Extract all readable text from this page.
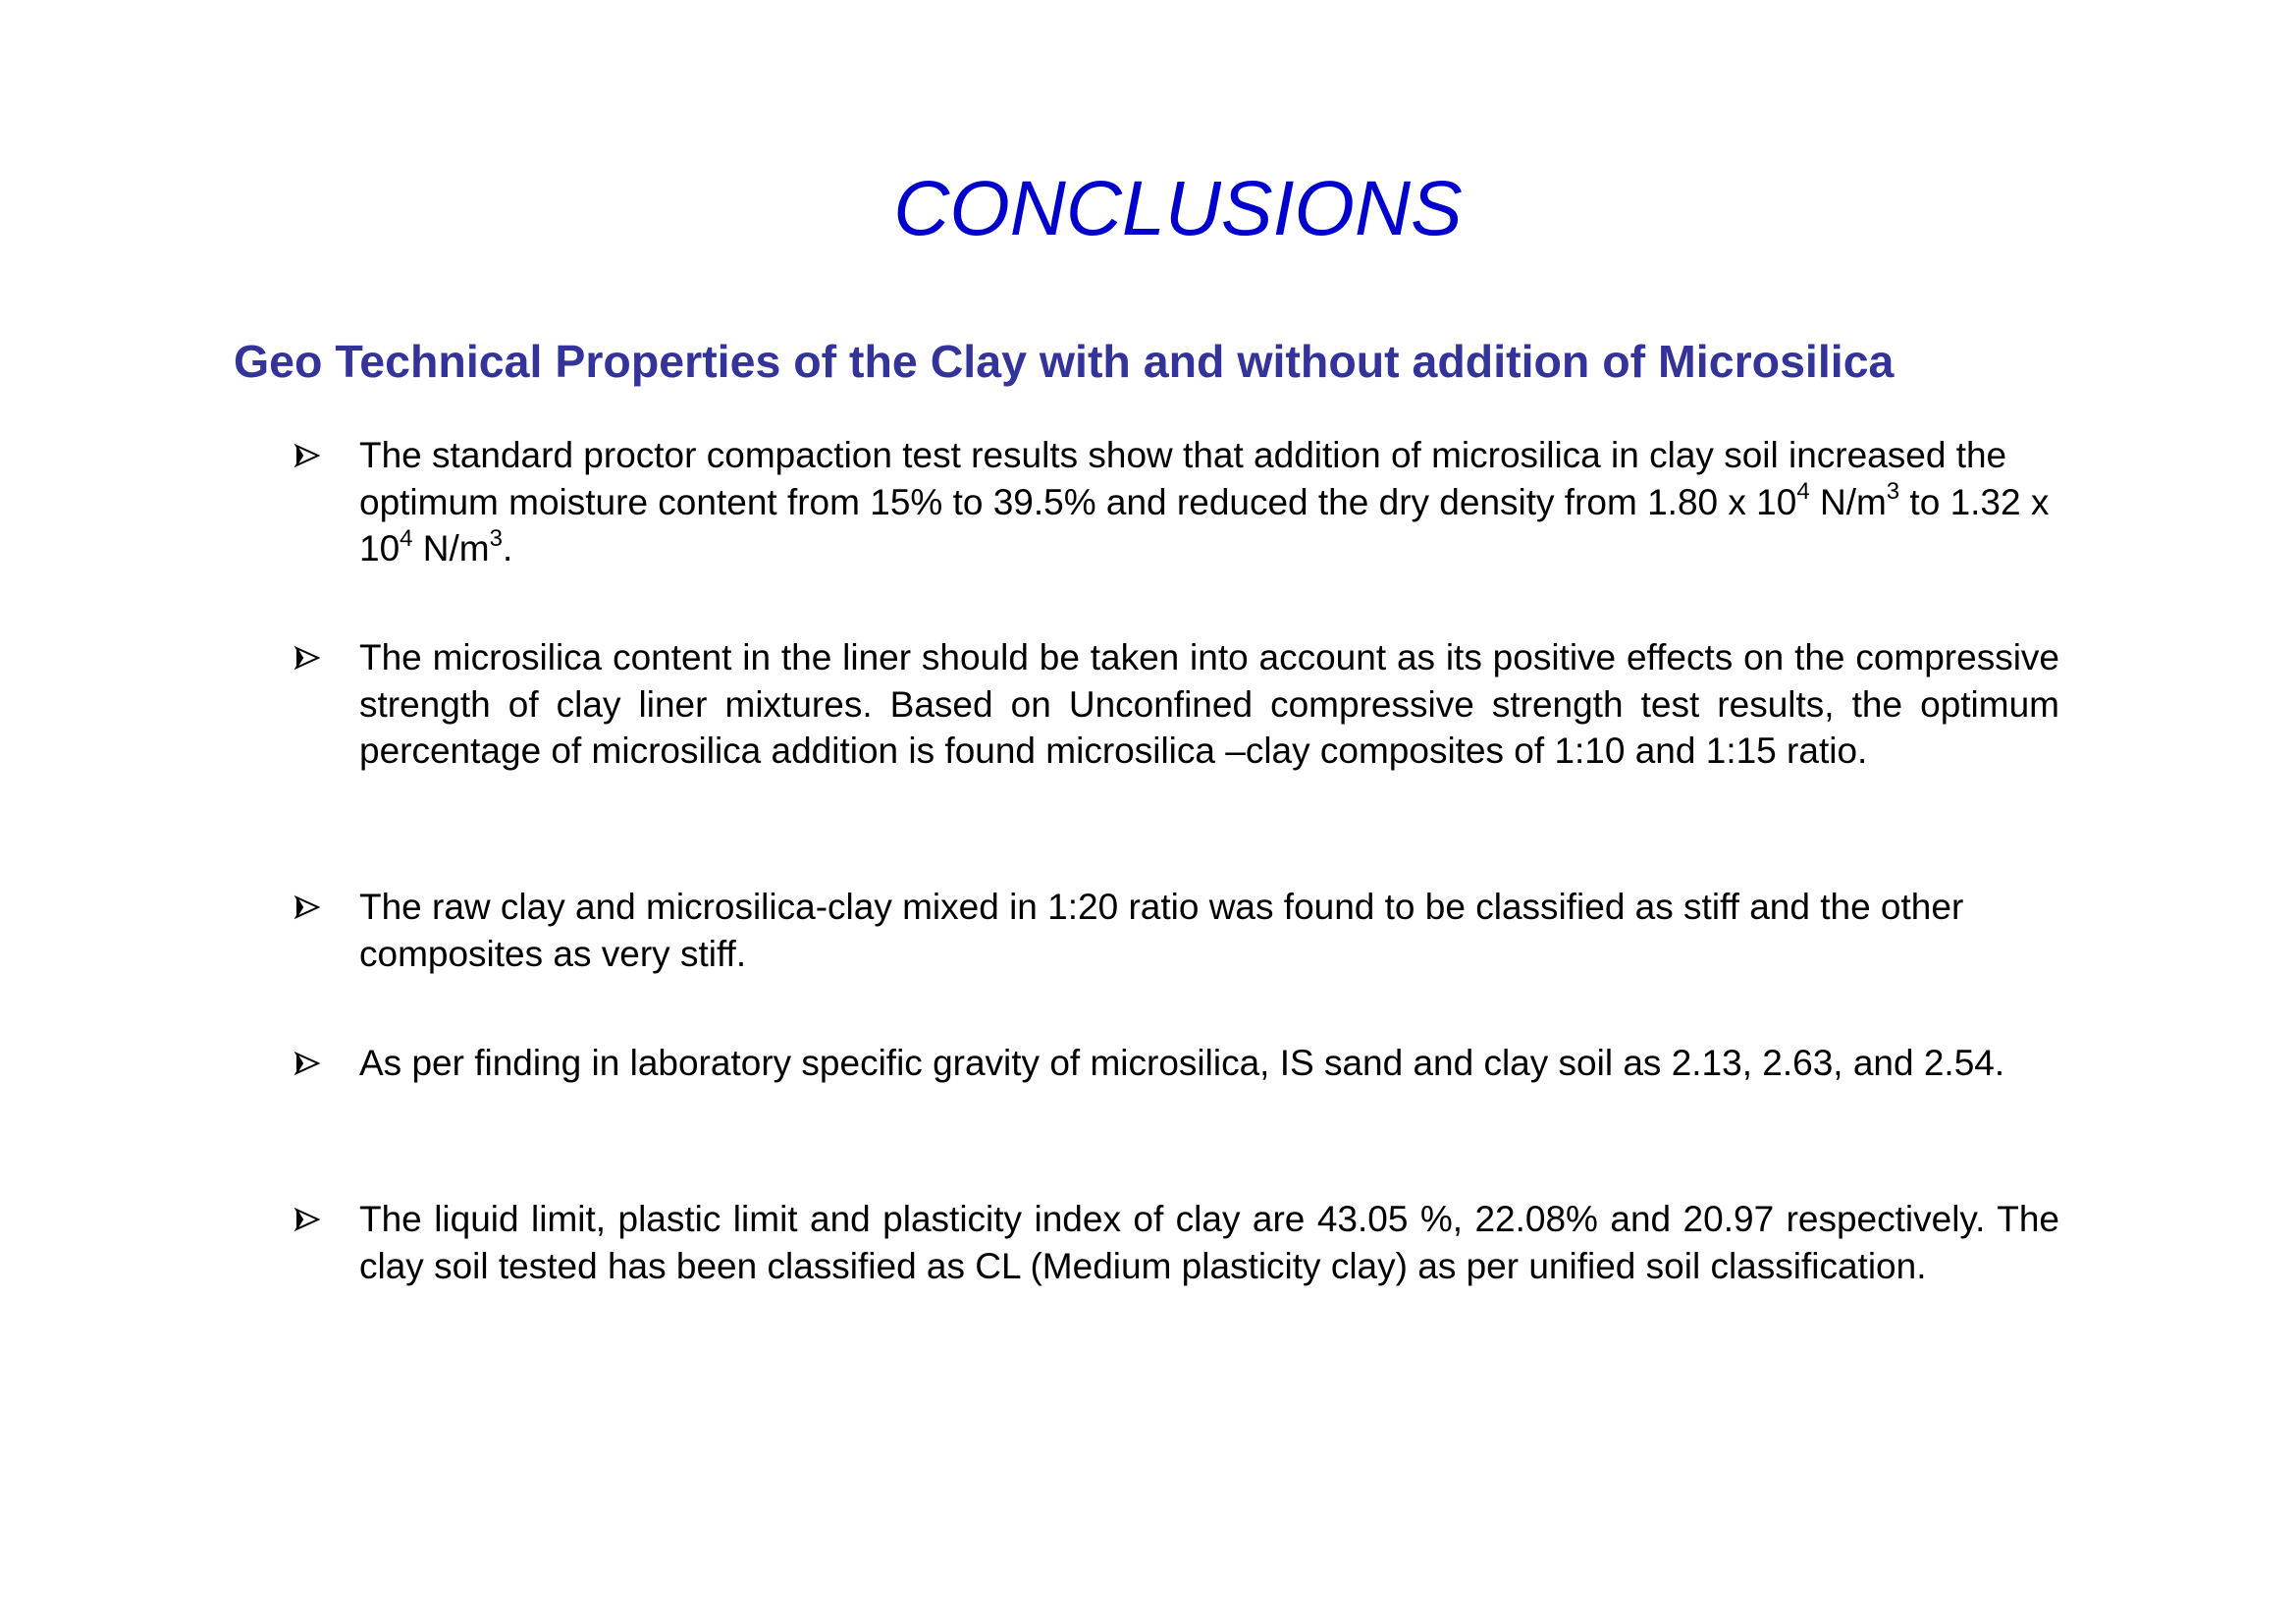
CONCLUSIONS
Geo Technical Properties of the Clay with and without addition of Microsilica

The standard proctor compaction test results show that addition of microsilica in clay soil increased the optimum moisture content from 15% to 39.5% and reduced the dry density from 1.80 x $10^4$ $N/m^3$ to 1.32 x $10^4$ $N/m^3$.

The microsilica content in the liner should be taken into account as its positive effects on the compressive strength of clay liner mixtures. Based on Unconfined compressive strength test results, the optimum percentage of microsilica addition is found microsilica –clay composites of 1:10 and 1:15 ratio.

The raw clay and microsilica-clay mixed in 1:20 ratio was found to be classified as stiff and the other composites as very stiff.

As per finding in laboratory specific gravity of microsilica, IS sand and clay soil as 2.13, 2.63, and 2.54.

The liquid limit, plastic limit and plasticity index of clay are 43.05 %, 22.08% and 20.97 respectively. The clay soil tested has been classified as CL (Medium plasticity clay) as per unified soil classification.
